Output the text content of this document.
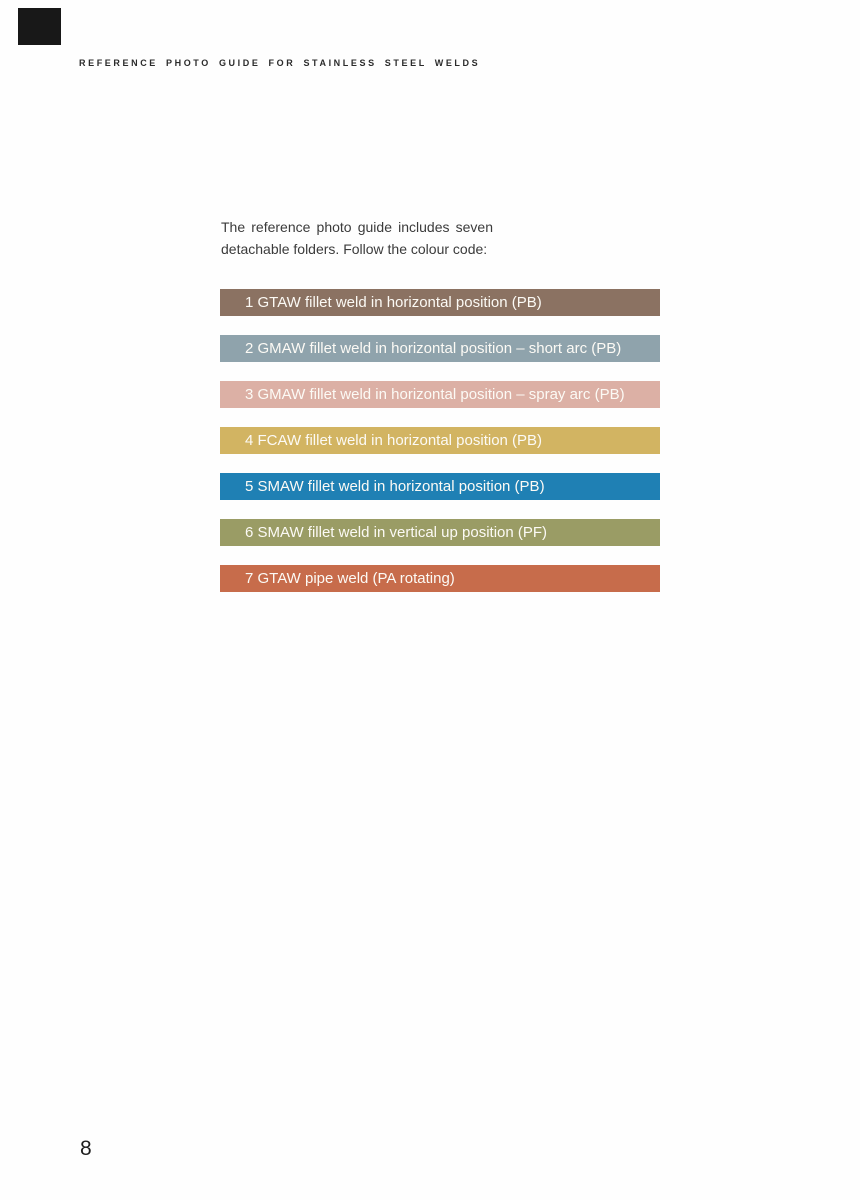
REFERENCE PHOTO GUIDE FOR STAINLESS STEEL WELDS
The reference photo guide includes seven
detachable folders. Follow the colour code:
1 GTAW fillet weld in horizontal position (PB)
2 GMAW fillet weld in horizontal position – short arc (PB)
3 GMAW fillet weld in horizontal position – spray arc (PB)
4 FCAW fillet weld in horizontal position (PB)
5 SMAW fillet weld in horizontal position (PB)
6 SMAW fillet weld in vertical up position (PF)
7 GTAW pipe weld (PA rotating)
8
